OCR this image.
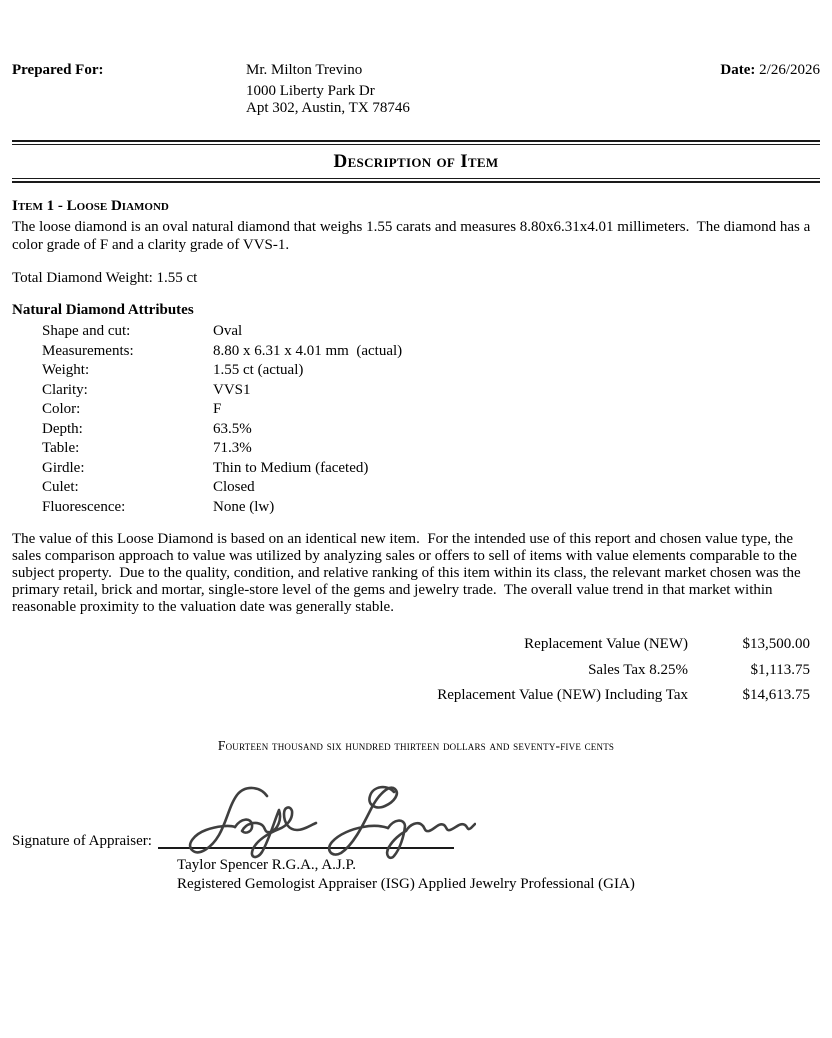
Prepared For:	Mr. Milton Trevino
1000 Liberty Park Dr
Apt 302, Austin, TX 78746
Date: 2/26/2026
Description of Item
Item 1 - Loose Diamond
The loose diamond is an oval natural diamond that weighs 1.55 carats and measures 8.80x6.31x4.01 millimeters.  The diamond has a color grade of F and a clarity grade of VVS-1.
Total Diamond Weight: 1.55 ct
Natural Diamond Attributes
Shape and cut:	Oval
Measurements:	8.80 x 6.31 x 4.01 mm  (actual)
Weight:	1.55 ct (actual)
Clarity:	VVS1
Color:	F
Depth:	63.5%
Table:	71.3%
Girdle:	Thin to Medium (faceted)
Culet:	Closed
Fluorescence:	None (lw)
The value of this Loose Diamond is based on an identical new item.  For the intended use of this report and chosen value type, the sales comparison approach to value was utilized by analyzing sales or offers to sell of items with value elements comparable to the subject property.  Due to the quality, condition, and relative ranking of this item within its class, the relevant market chosen was the primary retail, brick and mortar, single-store level of the gems and jewelry trade.  The overall value trend in that market within reasonable proximity to the valuation date was generally stable.
Replacement Value (NEW)	$13,500.00
Sales Tax 8.25%	$1,113.75
Replacement Value (NEW) Including Tax	$14,613.75
Fourteen thousand six hundred thirteen dollars and seventy-five cents
Signature of Appraiser:
Taylor Spencer R.G.A., A.J.P.
Registered Gemologist Appraiser (ISG) Applied Jewelry Professional (GIA)
